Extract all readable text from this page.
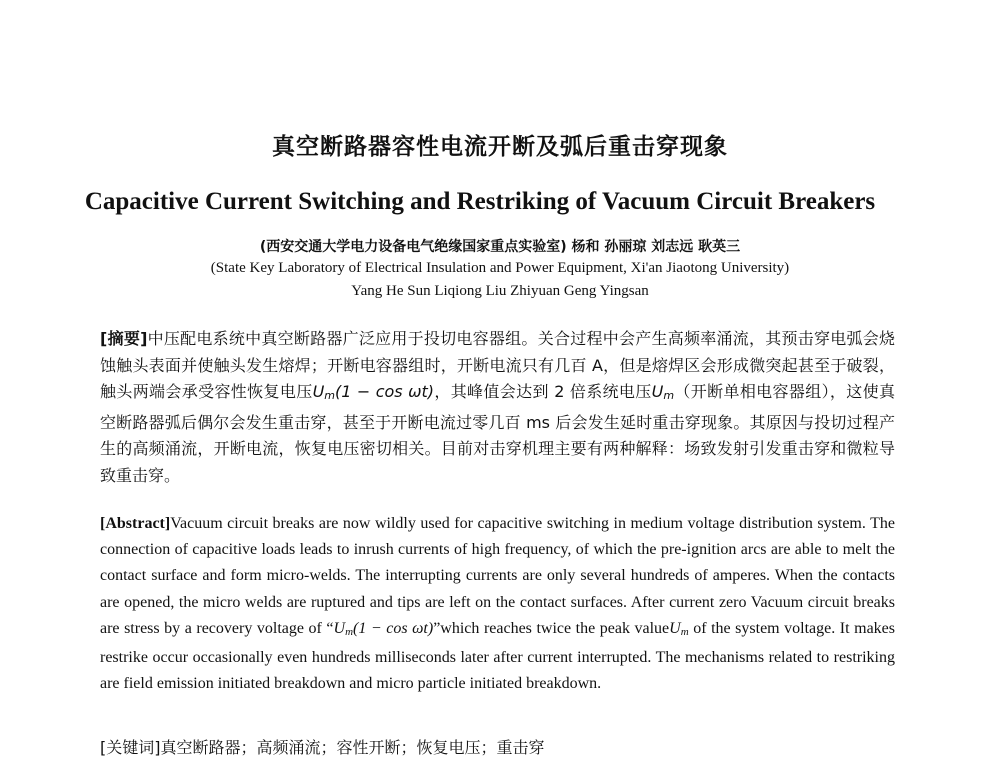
真空断路器容性电流开断及弧后重击穿现象
Capacitive Current Switching and Restriking of Vacuum Circuit Breakers
(西安交通大学电力设备电气绝缘国家重点实验室) 杨和 孙丽琼 刘志远 耿英三
(State Key Laboratory of Electrical Insulation and Power Equipment, Xi'an Jiaotong University)
Yang He Sun Liqiong Liu Zhiyuan Geng Yingsan
[摘要]中压配电系统中真空断路器广泛应用于投切电容器组。关合过程中会产生高频率涌流，其预击穿电弧会烧蚀触头表面并使触头发生熔焊；开断电容器组时，开断电流只有几百 A，但是熔焊区会形成微突起甚至于破裂，触头两端会承受容性恢复电压Um(1 − cos ωt)，其峰值会达到 2 倍系统电压Um（开断单相电容器组），这使真空断路器弧后偶尔会发生重击穿，甚至于开断电流过零几百 ms 后会发生延时重击穿现象。其原因与投切过程产生的高频涌流，开断电流，恢复电压密切相关。目前对击穿机理主要有两种解释：场致发射引发重击穿和微粒导致重击穿。
[Abstract]Vacuum circuit breaks are now wildly used for capacitive switching in medium voltage distribution system. The connection of capacitive loads leads to inrush currents of high frequency, of which the pre-ignition arcs are able to melt the contact surface and form micro-welds. The interrupting currents are only several hundreds of amperes. When the contacts are opened, the micro welds are ruptured and tips are left on the contact surfaces. After current zero Vacuum circuit breaks are stress by a recovery voltage of “Um(1 − cos ωt)”which reaches twice the peak valueUm of the system voltage. It makes restrike occur occasionally even hundreds milliseconds later after current interrupted. The mechanisms related to restriking are field emission initiated breakdown and micro particle initiated breakdown.
[关键词]真空断路器；高频涌流；容性开断；恢复电压；重击穿
